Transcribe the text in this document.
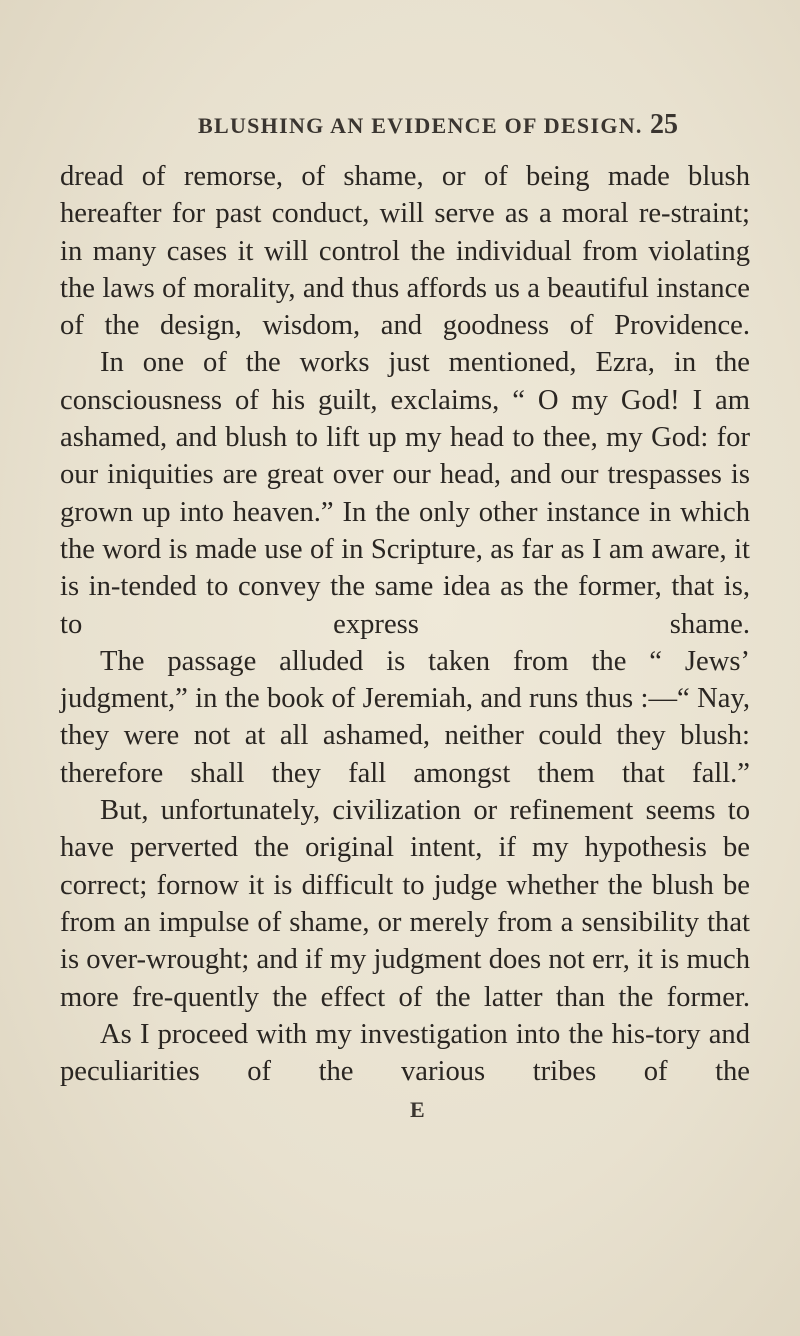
BLUSHING AN EVIDENCE OF DESIGN. 25

dread of remorse, of shame, or of being made blush hereafter for past conduct, will serve as a moral re-straint; in many cases it will control the individual from violating the laws of morality, and thus affords us a beautiful instance of the design, wisdom, and goodness of Providence.

In one of the works just mentioned, Ezra, in the consciousness of his guilt, exclaims, “ O my God! I am ashamed, and blush to lift up my head to thee, my God: for our iniquities are great over our head, and our trespasses is grown up into heaven.” In the only other instance in which the word is made use of in Scripture, as far as I am aware, it is in-tended to convey the same idea as the former, that is, to express shame.

The passage alluded is taken from the “ Jews’ judgment,” in the book of Jeremiah, and runs thus :—“ Nay, they were not at all ashamed, neither could they blush: therefore shall they fall amongst them that fall.”

But, unfortunately, civilization or refinement seems to have perverted the original intent, if my hypothesis be correct; fornow it is difficult to judge whether the blush be from an impulse of shame, or merely from a sensibility that is over-wrought; and if my judgment does not err, it is much more fre-quently the effect of the latter than the former.

As I proceed with my investigation into the his-tory and peculiarities of the various tribes of the

E
